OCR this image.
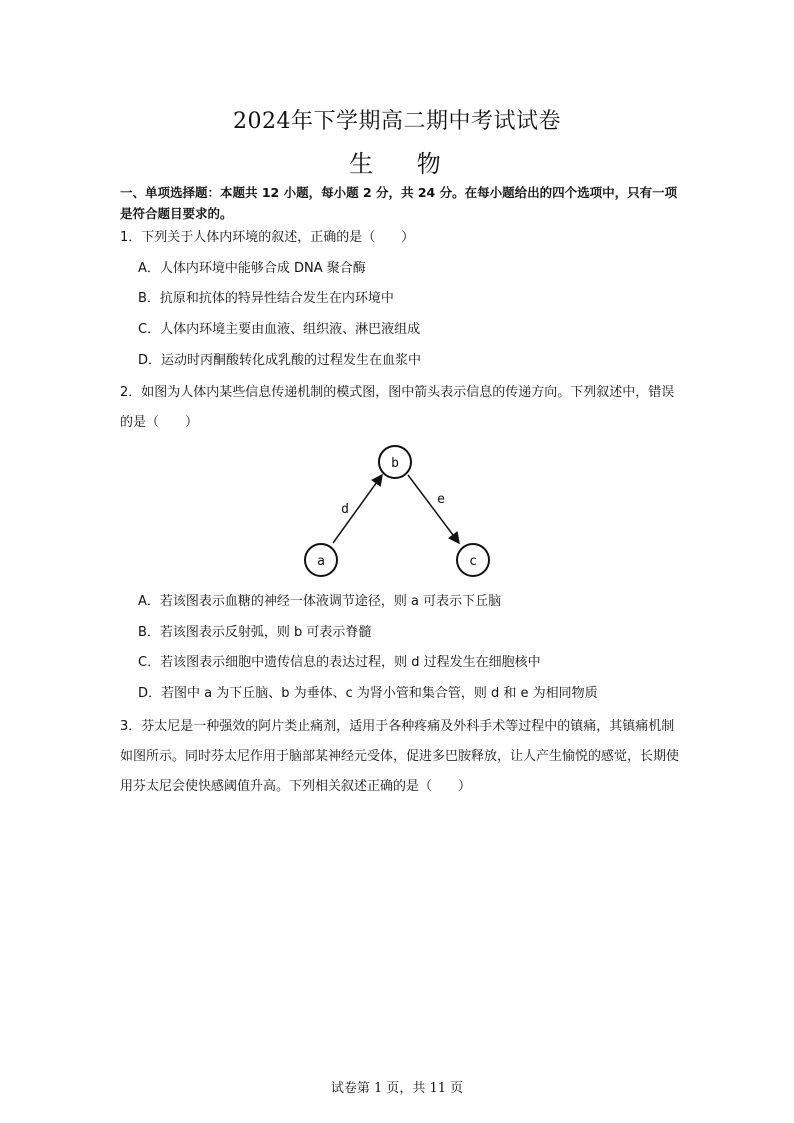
2024年下学期高二期中考试试卷
生 物
一、单项选择题：本题共 12 小题，每小题 2 分，共 24 分。在每小题给出的四个选项中，只有一项是符合题目要求的。
1．下列关于人体内环境的叙述，正确的是（　　）
A．人体内环境中能够合成 DNA 聚合酶
B．抗原和抗体的特异性结合发生在内环境中
C．人体内环境主要由血液、组织液、淋巴液组成
D．运动时丙酮酸转化成乳酸的过程发生在血浆中
2．如图为人体内某些信息传递机制的模式图，图中箭头表示信息的传递方向。下列叙述中，错误的是（　　）
b
a	c
d
e
A．若该图表示血糖的神经一体液调节途径，则 a 可表示下丘脑
B．若该图表示反射弧，则 b 可表示脊髓
C．若该图表示细胞中遗传信息的表达过程，则 d 过程发生在细胞核中
D．若图中 a 为下丘脑、b 为垂体、c 为肾小管和集合管，则 d 和 e 为相同物质
3．芬太尼是一种强效的阿片类止痛剂，适用于各种疼痛及外科手术等过程中的镇痛，其镇痛机制如图所示。同时芬太尼作用于脑部某神经元受体，促进多巴胺释放，让人产生愉悦的感觉，长期使用芬太尼会使快感阈值升高。下列相关叙述正确的是（　　）
试卷第 1 页，共 11 页
